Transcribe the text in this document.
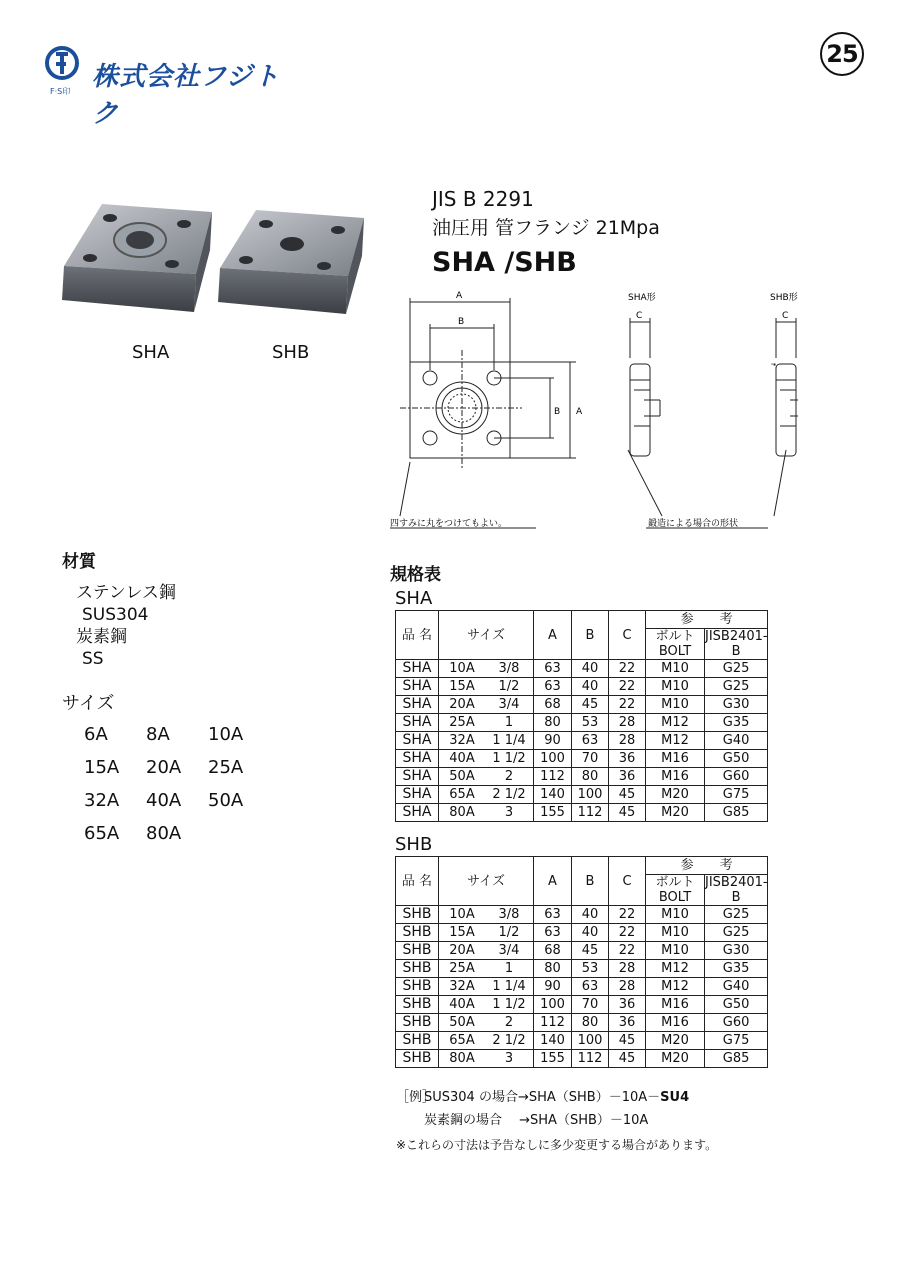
F·S印 株式会社フジトク
25
SHA	SHB
JIS B 2291
油圧用 管フランジ 21Mpa
SHA /SHB
A
B
A
B
C	C
SHA形	SHB形
四すみに丸をつけてもよい。	鍛造による場合の形状
材質
ステンレス鋼
SUS304
炭素鋼
SS
サイズ
6A	8A	10A
15A	20A	25A
32A	40A	50A
65A	80A
規格表
SHA
品 名	サイズ		A	B	C	参　　考	
						ボルト
BOLT	JISB2401-B
SHA	10A	3/8	63	40	22	M10	G25
SHA	15A	1/2	63	40	22	M10	G25
SHA	20A	3/4	68	45	22	M10	G30
SHA	25A	1	80	53	28	M12	G35
SHA	32A	1 1/4	90	63	28	M12	G40
SHA	40A	1 1/2	100	70	36	M16	G50
SHA	50A	2	112	80	36	M16	G60
SHA	65A	2 1/2	140	100	45	M20	G75
SHA	80A	3	155	112	45	M20	G85
SHB
品 名	サイズ		A	B	C	参　　考	
						ボルト
BOLT	JISB2401-B
SHB	10A	3/8	63	40	22	M10	G25
SHB	15A	1/2	63	40	22	M10	G25
SHB	20A	3/4	68	45	22	M10	G30
SHB	25A	1	80	53	28	M12	G35
SHB	32A	1 1/4	90	63	28	M12	G40
SHB	40A	1 1/2	100	70	36	M16	G50
SHB	50A	2	112	80	36	M16	G60
SHB	65A	2 1/2	140	100	45	M20	G75
SHB	80A	3	155	112	45	M20	G85
［例］
SUS304 の場合→SHA（SHB）－10A－SU4
炭素鋼の場合　 →SHA（SHB）－10A
※これらの寸法は予告なしに多少変更する場合があります。
